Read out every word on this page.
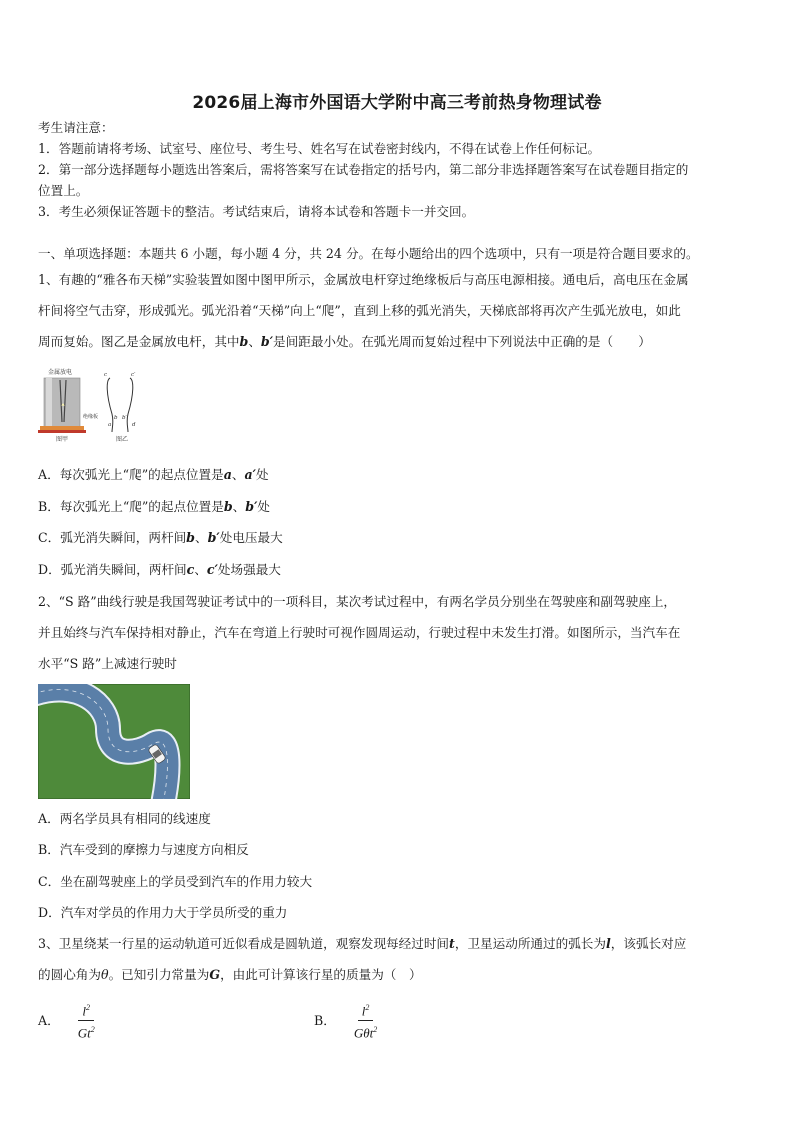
2026届上海市外国语大学附中高三考前热身物理试卷
考生请注意：
1．答题前请将考场、试室号、座位号、考生号、姓名写在试卷密封线内，不得在试卷上作任何标记。
2．第一部分选择题每小题选出答案后，需将答案写在试卷指定的括号内，第二部分非选择题答案写在试卷题目指定的
位置上。
3．考生必须保证答题卡的整洁。考试结束后，请将本试卷和答题卡一并交回。
一、单项选择题：本题共 6 小题，每小题 4 分，共 24 分。在每小题给出的四个选项中，只有一项是符合题目要求的。
1、有趣的“雅各布天梯”实验装置如图中图甲所示，金属放电杆穿过绝缘板后与高压电源相接。通电后，高电压在金属
杆间将空气击穿，形成弧光。弧光沿着“天梯”向上“爬”，直到上移的弧光消失，天梯底部将再次产生弧光放电，如此
周而复始。图乙是金属放电杆，其中b、b′是间距最小处。在弧光周而复始过程中下列说法中正确的是（　　）
金属放电
绝缘板
图甲
c	c′
b b′
a	d
图乙
A．每次弧光上“爬”的起点位置是a、a′处
B．每次弧光上“爬”的起点位置是b、b′处
C．弧光消失瞬间，两杆间b、b′处电压最大
D．弧光消失瞬间，两杆间c、c′处场强最大
2、“S 路”曲线行驶是我国驾驶证考试中的一项科目，某次考试过程中，有两名学员分别坐在驾驶座和副驾驶座上，
并且始终与汽车保持相对静止，汽车在弯道上行驶时可视作圆周运动，行驶过程中未发生打滑。如图所示，当汽车在
水平“S 路”上减速行驶时
A．两名学员具有相同的线速度
B．汽车受到的摩擦力与速度方向相反
C．坐在副驾驶座上的学员受到汽车的作用力较大
D．汽车对学员的作用力大于学员所受的重力
3、卫星绕某一行星的运动轨道可近似看成是圆轨道，观察发现每经过时间t，卫星运动所通过的弧长为l，该弧长对应
的圆心角为θ。已知引力常量为G，由此可计算该行星的质量为（　）
A． $\frac{l^2}{Gt^2}$	B． $\frac{l^2}{G\theta t^2}$
